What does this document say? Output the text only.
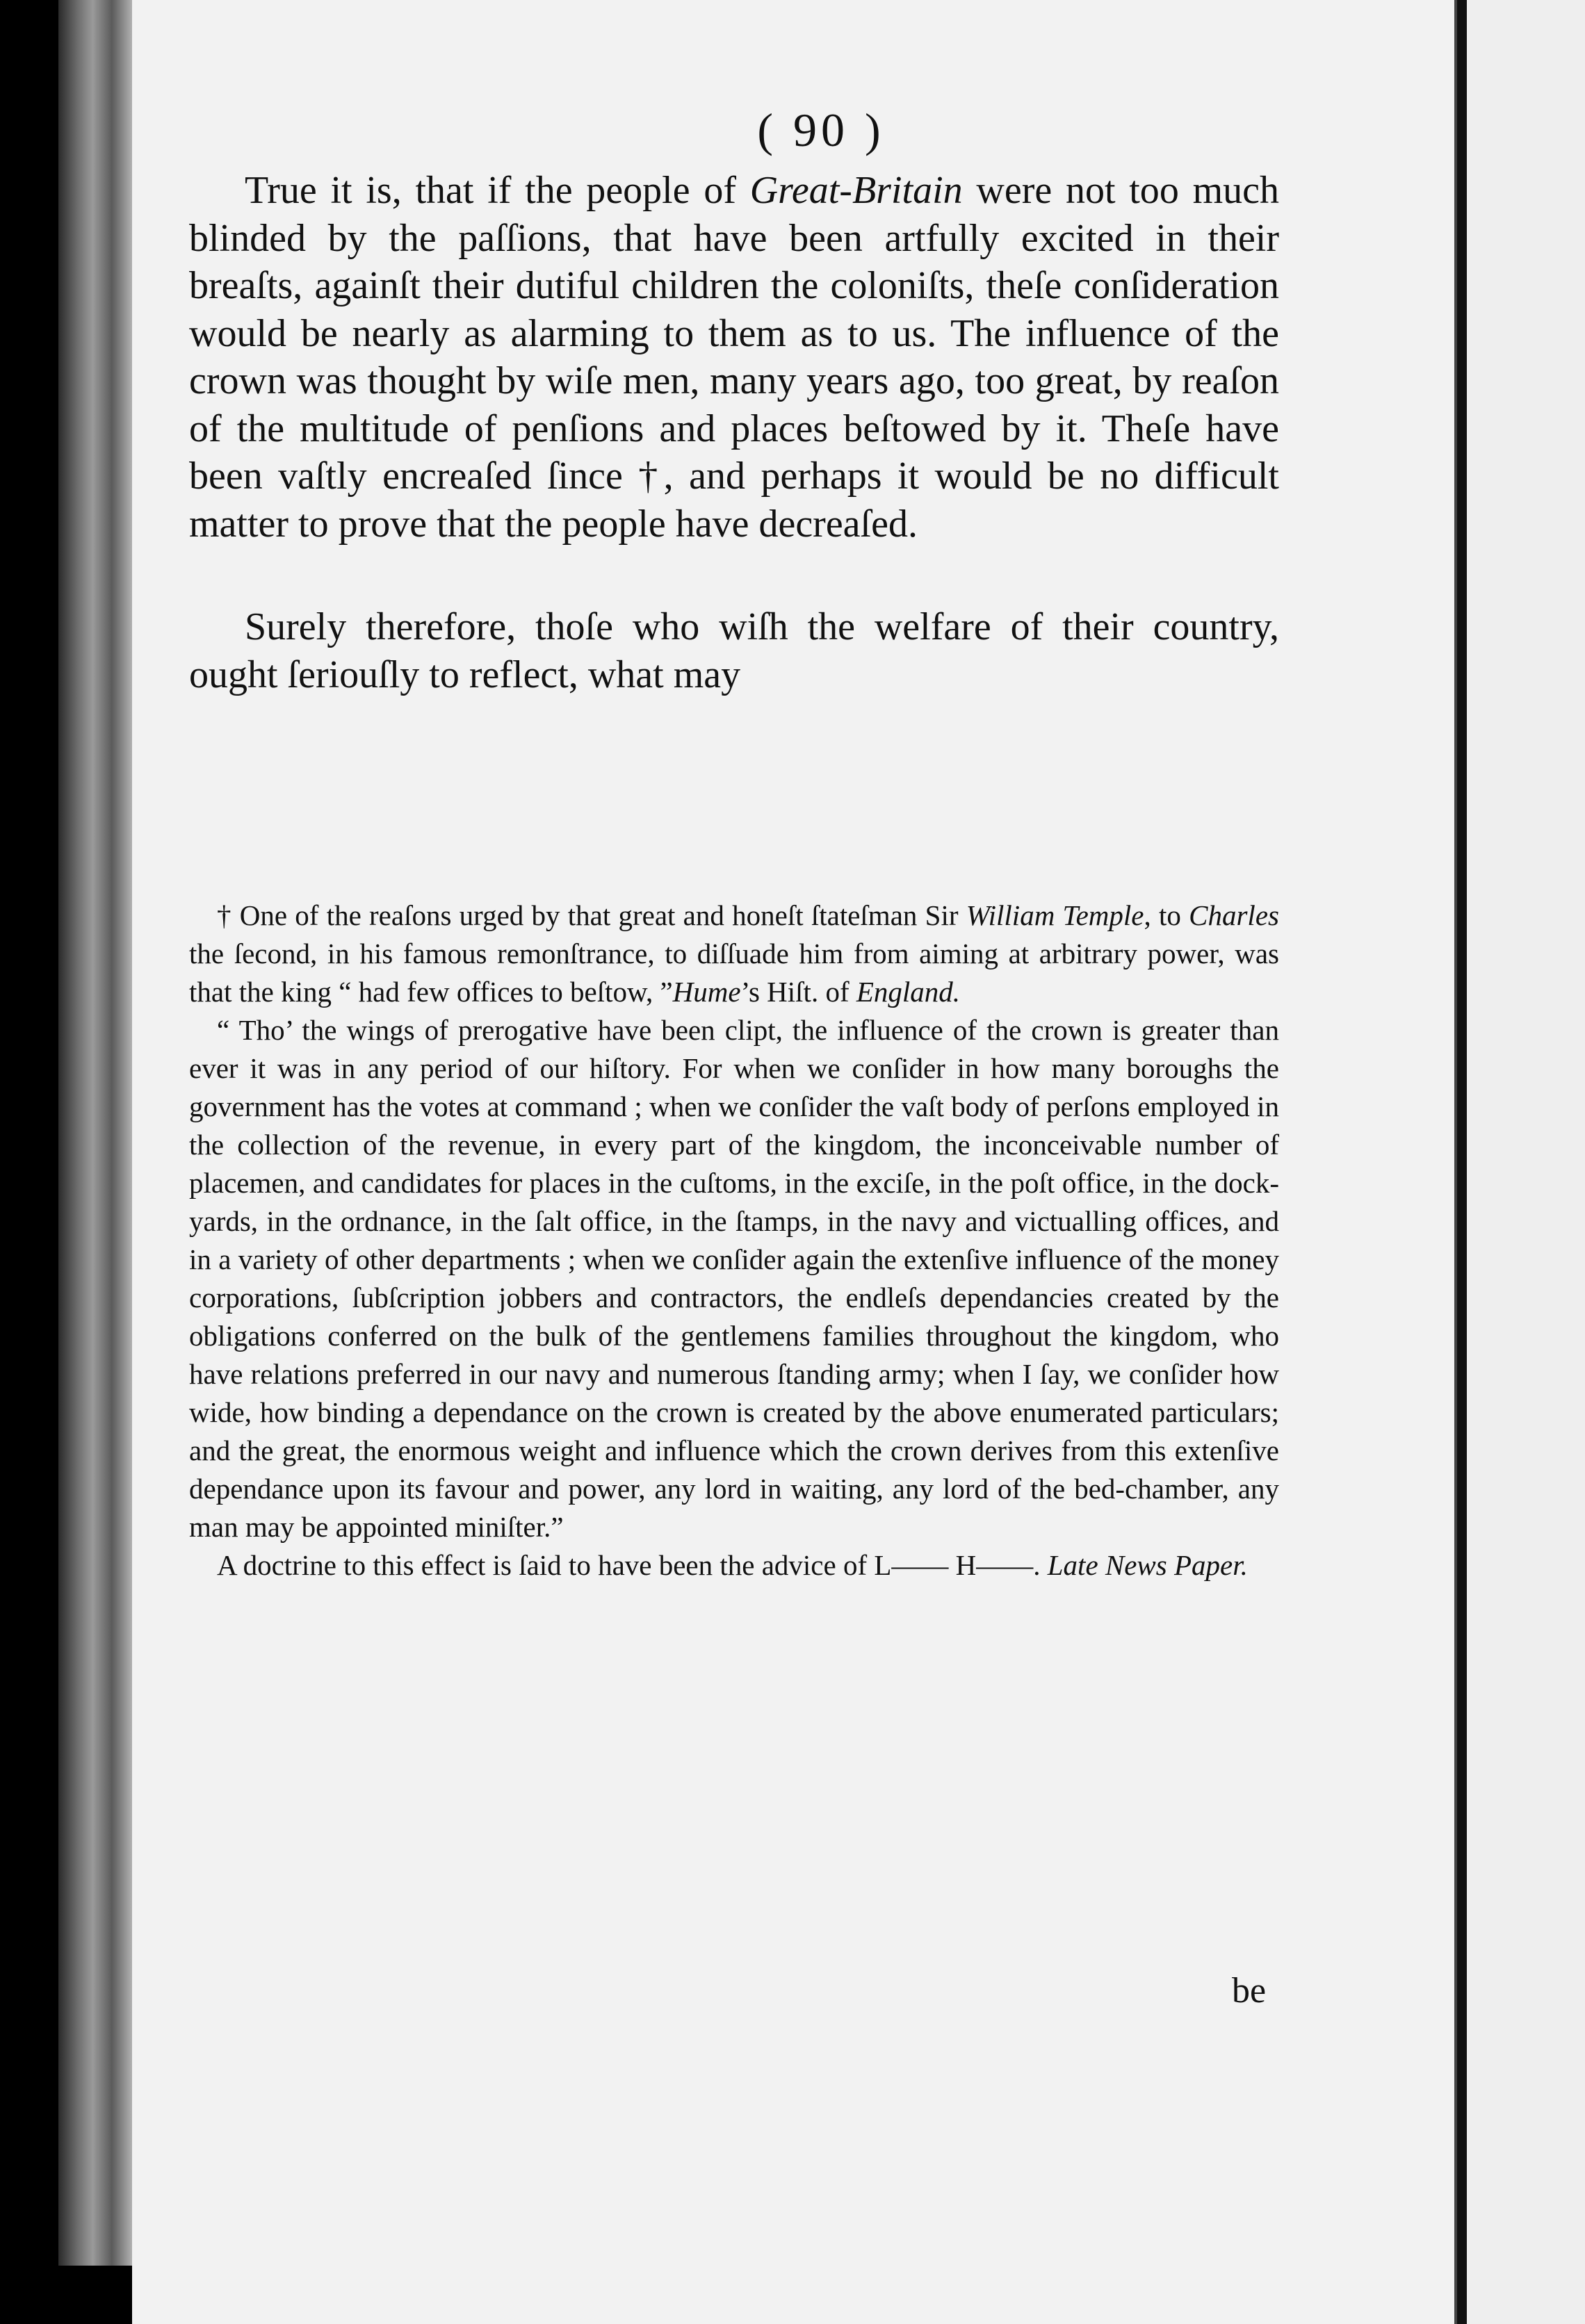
( 90 )

True it is, that if the people of Great-Britain were not too much blinded by the paſſions, that have been artfully excited in their breaſts, againſt their dutiful children the coloniſts, theſe conſideration would be nearly as alarming to them as to us. The influence of the crown was thought by wiſe men, many years ago, too great, by reaſon of the multitude of penſions and places beſtowed by it. Theſe have been vaſtly encreaſed ſince †, and perhaps it would be no difficult matter to prove that the people have decreaſed.

Surely therefore, thoſe who wiſh the welfare of their country, ought ſeriouſly to reflect, what may

† One of the reaſons urged by that great and honeſt ſtateſman Sir William Temple, to Charles the ſecond, in his famous remonſtrance, to diſſuade him from aiming at arbitrary power, was that the king “ had few offices to beſtow, ”Hume’s Hiſt. of England.

“ Tho’ the wings of prerogative have been clipt, the influence of the crown is greater than ever it was in any period of our hiſtory. For when we conſider in how many boroughs the government has the votes at command ; when we conſider the vaſt body of perſons employed in the collection of the revenue, in every part of the kingdom, the inconceivable number of placemen, and candidates for places in the cuſtoms, in the exciſe, in the poſt office, in the dock-yards, in the ordnance, in the ſalt office, in the ſtamps, in the navy and victualling offices, and in a variety of other departments ; when we conſider again the extenſive influence of the money corporations, ſubſcription jobbers and contractors, the endleſs dependancies created by the obligations conferred on the bulk of the gentlemens families throughout the kingdom, who have relations preferred in our navy and numerous ſtanding army; when I ſay, we conſider how wide, how binding a dependance on the crown is created by the above enumerated particulars; and the great, the enormous weight and influence which the crown derives from this extenſive dependance upon its favour and power, any lord in waiting, any lord of the bed-chamber, any man may be appointed miniſter.”

A doctrine to this effect is ſaid to have been the advice of L—— H——. Late News Paper.

be
